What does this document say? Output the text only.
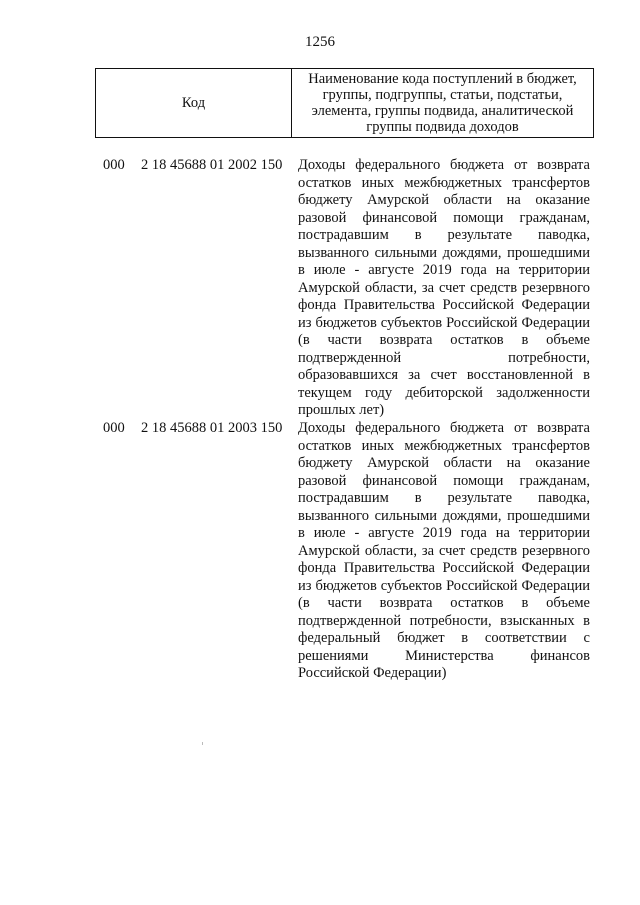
1256
Код
Наименование кода поступлений в бюджет, группы, подгруппы, статьи, подстатьи, элемента, группы подвида, аналитической группы подвида доходов
000 2 18 45688 01 2002 150 Доходы федерального бюджета от возврата остатков иных межбюджетных трансфертов бюджету Амурской области на оказание разовой финансовой помощи гражданам, пострадавшим в результате паводка, вызванного сильными дождями, прошедшими в июле - августе 2019 года на территории Амурской области, за счет средств резервного фонда Правительства Российской Федерации из бюджетов субъектов Российской Федерации (в части возврата остатков в объеме подтвержденной потребности, образовавшихся за счет восстановленной в текущем году дебиторской задолженности прошлых лет)
000 2 18 45688 01 2003 150 Доходы федерального бюджета от возврата остатков иных межбюджетных трансфертов бюджету Амурской области на оказание разовой финансовой помощи гражданам, пострадавшим в результате паводка, вызванного сильными дождями, прошедшими в июле - августе 2019 года на территории Амурской области, за счет средств резервного фонда Правительства Российской Федерации из бюджетов субъектов Российской Федерации (в части возврата остатков в объеме подтвержденной потребности, взысканных в федеральный бюджет в соответствии с решениями Министерства финансов Российской Федерации)
